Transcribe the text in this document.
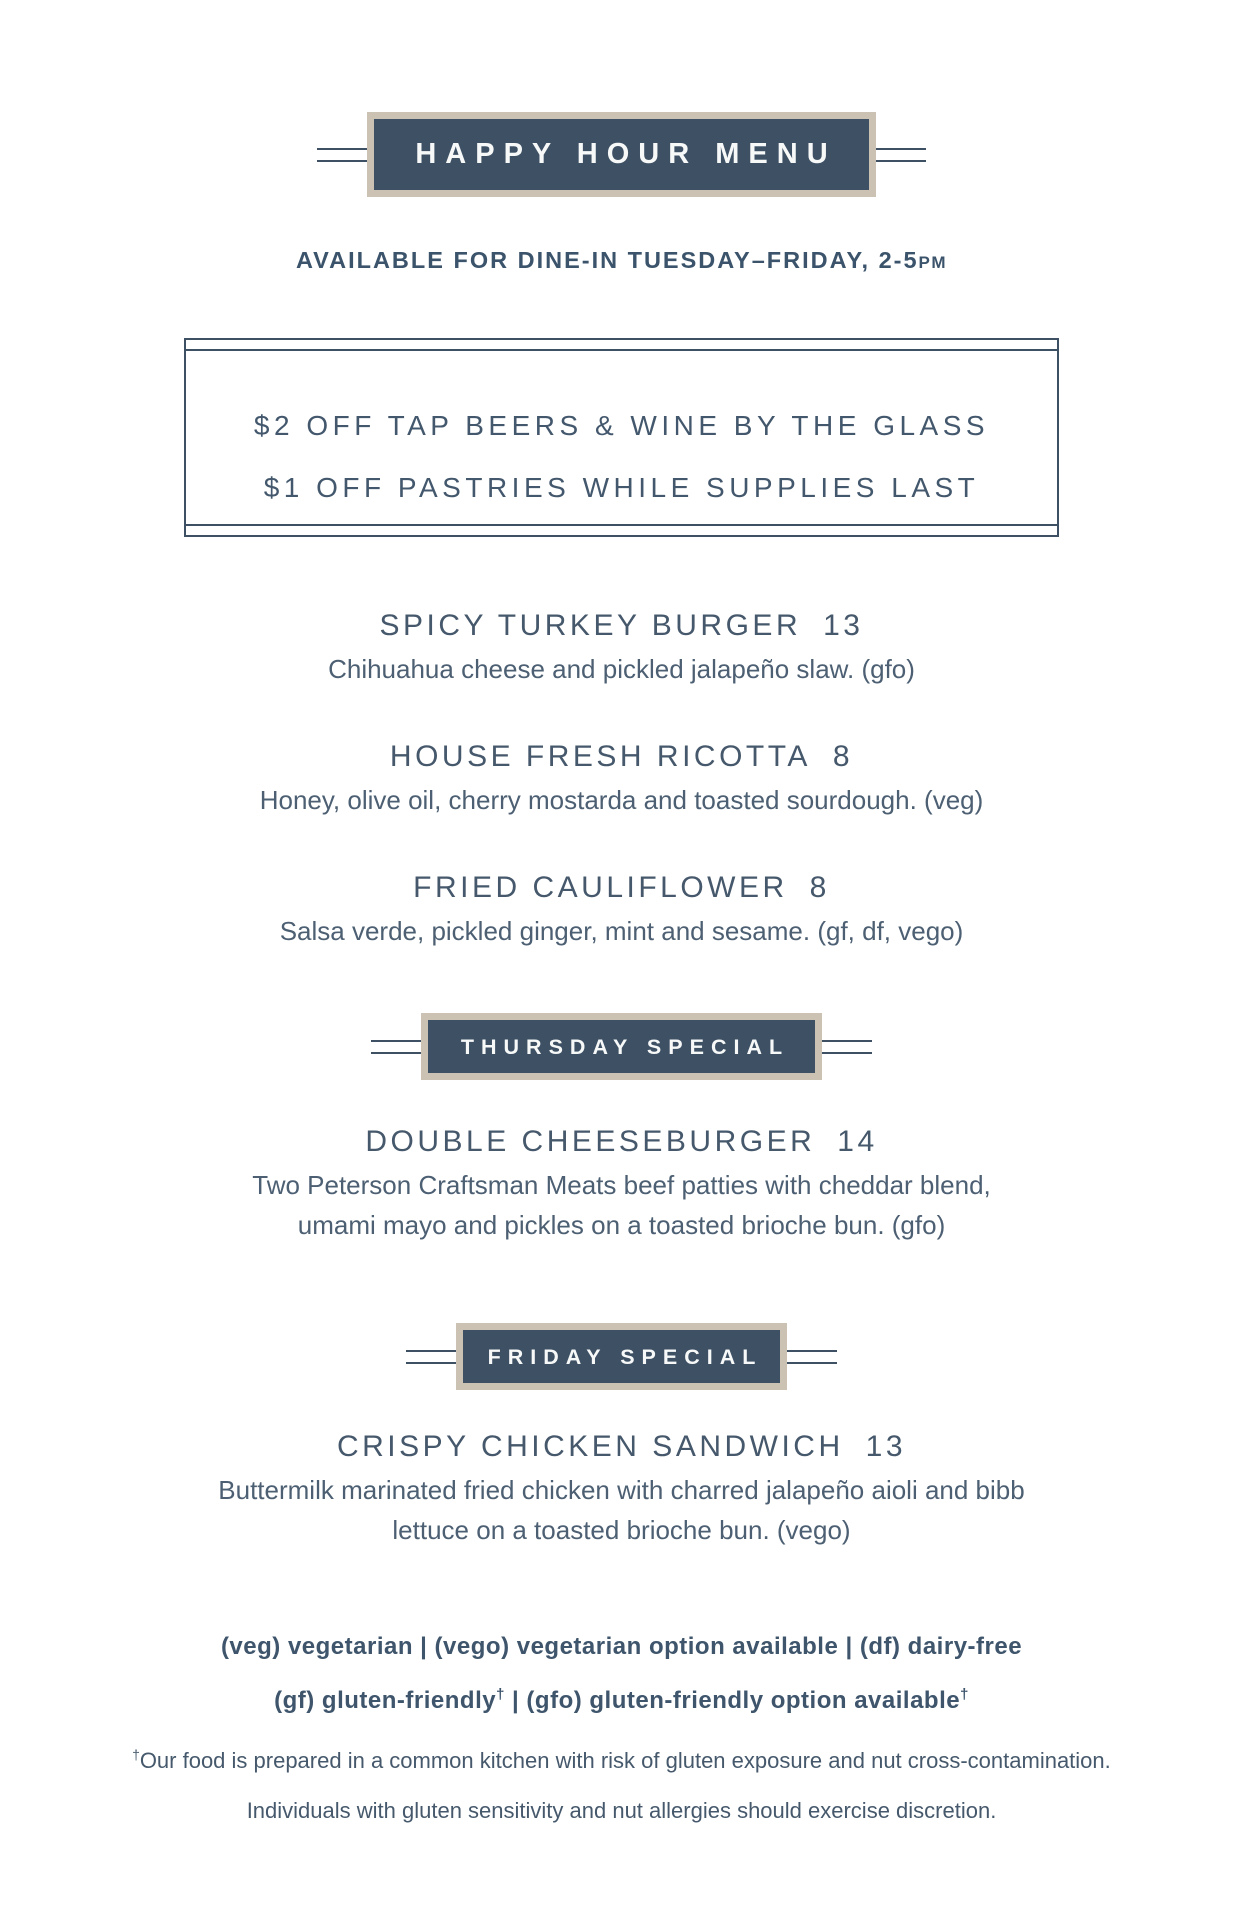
HAPPY HOUR MENU
AVAILABLE FOR DINE-IN TUESDAY–FRIDAY, 2-5PM
$2 OFF TAP BEERS & WINE BY THE GLASS
$1 OFF PASTRIES WHILE SUPPLIES LAST
SPICY TURKEY BURGER 13
Chihuahua cheese and pickled jalapeño slaw. (gfo)
HOUSE FRESH RICOTTA 8
Honey, olive oil, cherry mostarda and toasted sourdough. (veg)
FRIED CAULIFLOWER 8
Salsa verde, pickled ginger, mint and sesame. (gf, df, vego)
THURSDAY SPECIAL
DOUBLE CHEESEBURGER 14
Two Peterson Craftsman Meats beef patties with cheddar blend, umami mayo and pickles on a toasted brioche bun. (gfo)
FRIDAY SPECIAL
CRISPY CHICKEN SANDWICH 13
Buttermilk marinated fried chicken with charred jalapeño aioli and bibb lettuce on a toasted brioche bun. (vego)
(veg) vegetarian | (vego) vegetarian option available | (df) dairy-free
(gf) gluten-friendly† | (gfo) gluten-friendly option available†
†Our food is prepared in a common kitchen with risk of gluten exposure and nut cross-contamination. Individuals with gluten sensitivity and nut allergies should exercise discretion.
